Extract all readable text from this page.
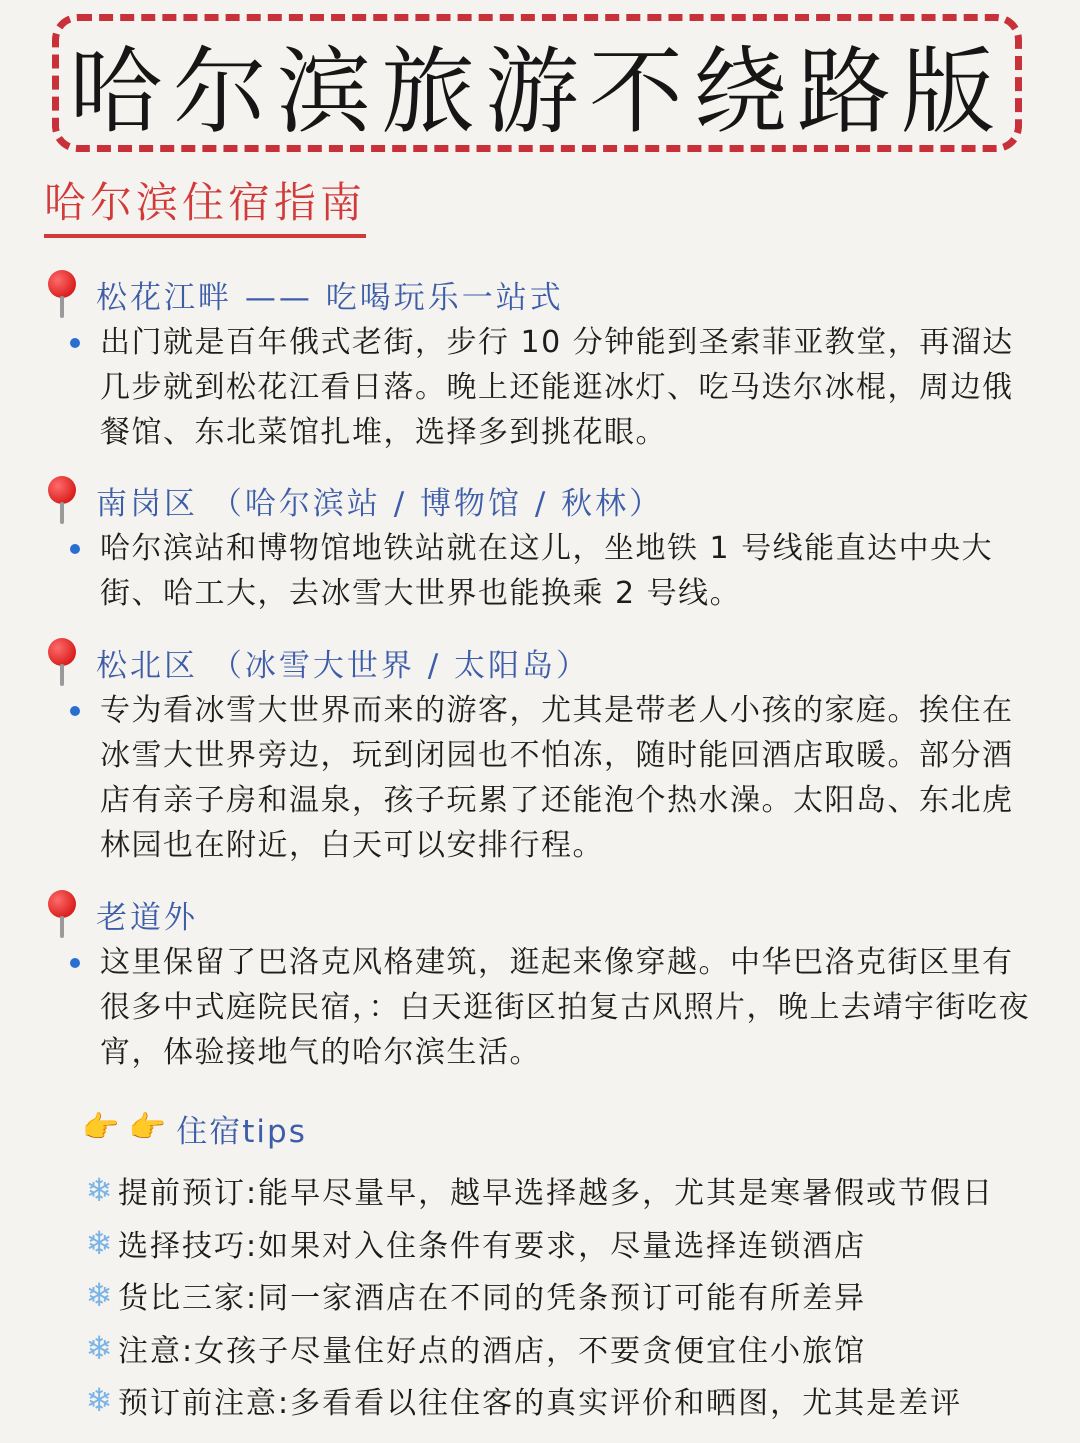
哈尔滨旅游不绕路版
哈尔滨住宿指南
松花江畔 —— 吃喝玩乐一站式
出门就是百年俄式老街，步行 10 分钟能到圣索菲亚教堂，再溜达几步就到松花江看日落。晚上还能逛冰灯、吃马迭尔冰棍，周边俄餐馆、东北菜馆扎堆，选择多到挑花眼。
南岗区 （哈尔滨站 / 博物馆 / 秋林）
哈尔滨站和博物馆地铁站就在这儿，坐地铁 1 号线能直达中央大街、哈工大，去冰雪大世界也能换乘 2 号线。
松北区 （冰雪大世界 / 太阳岛）
专为看冰雪大世界而来的游客，尤其是带老人小孩的家庭。挨住在冰雪大世界旁边，玩到闭园也不怕冻，随时能回酒店取暖。部分酒店有亲子房和温泉，孩子玩累了还能泡个热水澡。太阳岛、东北虎林园也在附近，白天可以安排行程。
老道外
这里保留了巴洛克风格建筑，逛起来像穿越。中华巴洛克街区里有很多中式庭院民宿，：白天逛街区拍复古风照片，晚上去靖宇街吃夜宵，体验接地气的哈尔滨生活。
👉 👉 住宿tips
❄ 提前预订:能早尽量早，越早选择越多，尤其是寒暑假或节假日
❄ 选择技巧:如果对入住条件有要求，尽量选择连锁酒店
❄ 货比三家:同一家酒店在不同的凭条预订可能有所差异
❄ 注意:女孩子尽量住好点的酒店，不要贪便宜住小旅馆
❄ 预订前注意:多看看以往住客的真实评价和晒图，尤其是差评
